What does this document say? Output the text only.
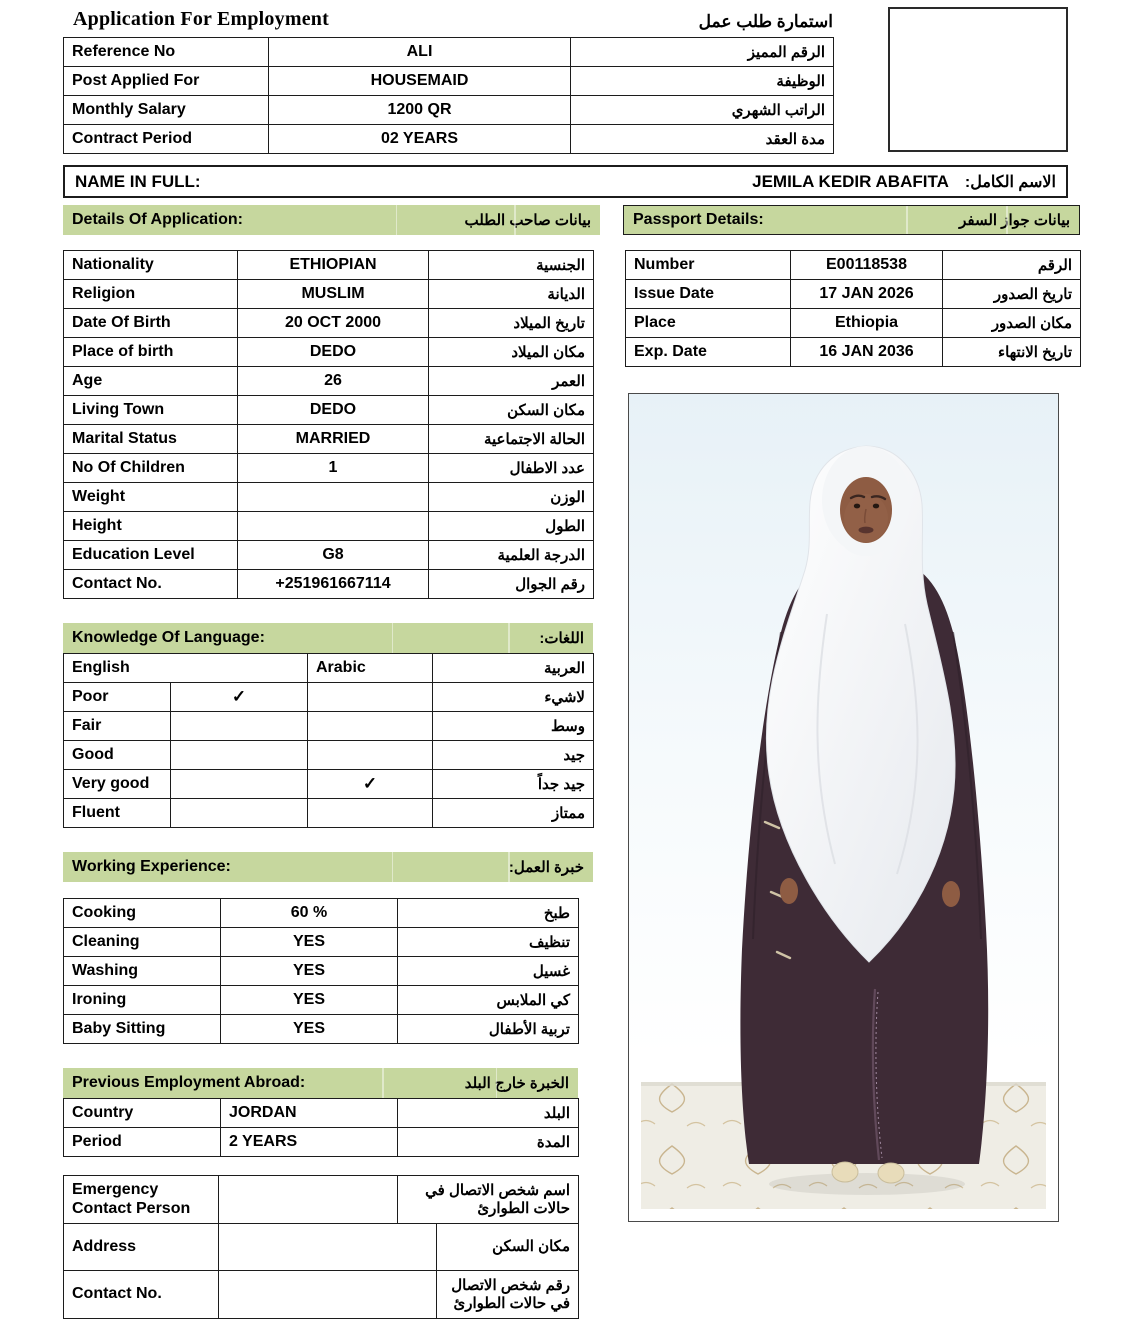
Application For Employment	استمارة طلب عمل
Reference No	ALI	الرقم المميز
Post Applied For	HOUSEMAID	الوظيفة
Monthly Salary	1200 QR	الراتب الشهري
Contract Period	02 YEARS	مدة العقد
NAME IN FULL:	JEMILA KEDIR ABAFITA الاسم الكامل:
Details Of Application:	بيانات صاحب الطلب	Passport Details:	بيانات جواز السفر
Nationality	ETHIOPIAN	الجنسية
Religion	MUSLIM	الديانة
Date Of Birth	20 OCT 2000	تاريخ الميلاد
Place of birth	DEDO	مكان الميلاد
Age	26	العمر
Living Town	DEDO	مكان السكن
Marital Status	MARRIED	الحالة الاجتماعية
No Of Children	1	عدد الاطفال
Weight		الوزن
Height		الطول
Education Level	G8	الدرجة العلمية
Contact No.	+251961667114	رقم الجوال
Number	E00118538	الرقم
Issue Date	17 JAN 2026	تاريخ الصدور
Place	Ethiopia	مكان الصدور
Exp. Date	16 JAN 2036	تاريخ الانتهاء
Knowledge Of Language:	اللغات:
English		Arabic	العربية
Poor	✓		لاشيء
Fair			وسط
Good			جيد
Very good		✓	جيد جداً
Fluent			ممتاز
Working Experience:	خبرة العمل:
Cooking	60 %	طبخ
Cleaning	YES	تنظيف
Washing	YES	غسيل
Ironing	YES	كي الملابس
Baby Sitting	YES	تربية الأطفال
Previous Employment Abroad:	الخبرة خارج البلد
Country	JORDAN	البلد
Period	2 YEARS	المدة
Emergency Contact Person		اسم شخص الاتصال في حالات الطوارئ	
Address			مكان السكن
Contact No.			رقم شخص الاتصال في حالات الطوارئ
